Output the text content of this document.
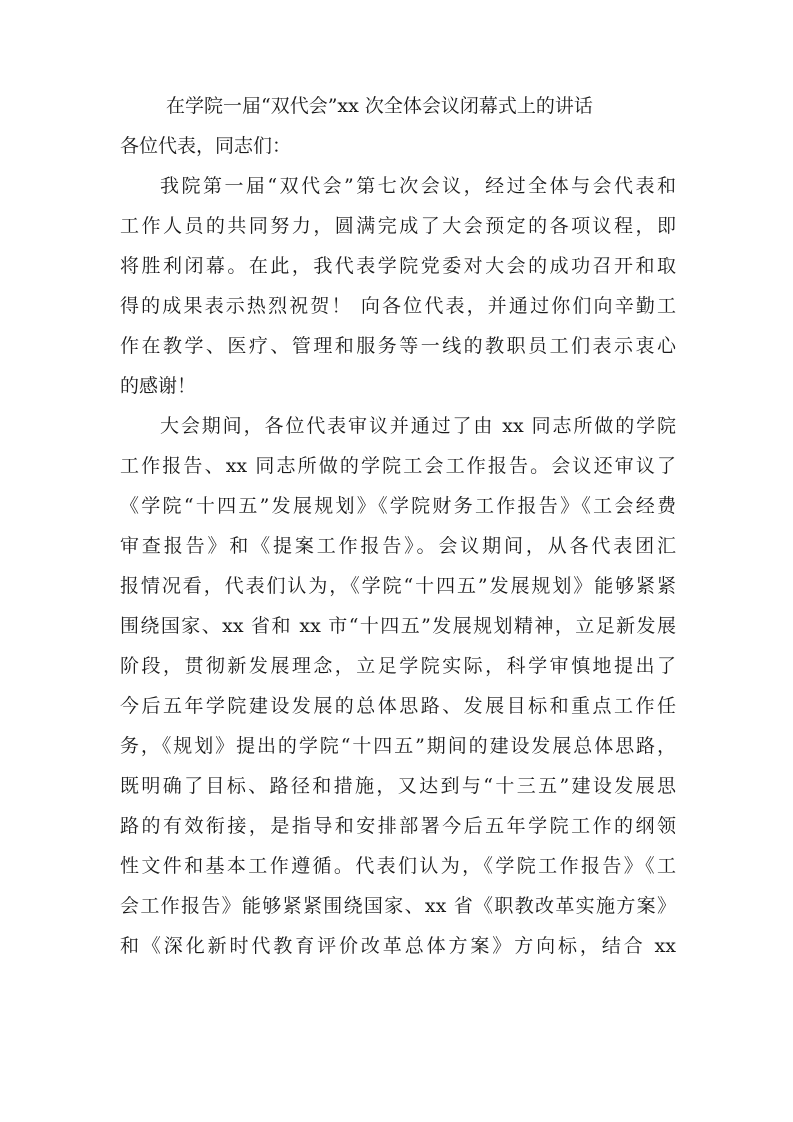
在学院一届“双代会”xx 次全体会议闭幕式上的讲话
各位代表，同志们：
我院第一届“双代会”第七次会议，经过全体与会代表和
工作人员的共同努力，圆满完成了大会预定的各项议程，即
将胜利闭幕。在此，我代表学院党委对大会的成功召开和取
得的成果表示热烈祝贺！ 向各位代表，并通过你们向辛勤工
作在教学、医疗、管理和服务等一线的教职员工们表示衷心
的感谢！
大会期间，各位代表审议并通过了由 xx 同志所做的学院
工作报告、xx 同志所做的学院工会工作报告。会议还审议了
《学院“十四五”发展规划》《学院财务工作报告》《工会经费
审查报告》和《提案工作报告》。会议期间，从各代表团汇
报情况看，代表们认为，《学院“十四五”发展规划》能够紧紧
围绕国家、xx 省和 xx 市“十四五”发展规划精神，立足新发展
阶段，贯彻新发展理念，立足学院实际，科学审慎地提出了
今后五年学院建设发展的总体思路、发展目标和重点工作任
务，《规划》提出的学院“十四五”期间的建设发展总体思路，
既明确了目标、路径和措施，又达到与“十三五”建设发展思
路的有效衔接，是指导和安排部署今后五年学院工作的纲领
性文件和基本工作遵循。代表们认为，《学院工作报告》《工
会工作报告》能够紧紧围绕国家、xx 省《职教改革实施方案》
和《深化新时代教育评价改革总体方案》方向标，结合 xx
